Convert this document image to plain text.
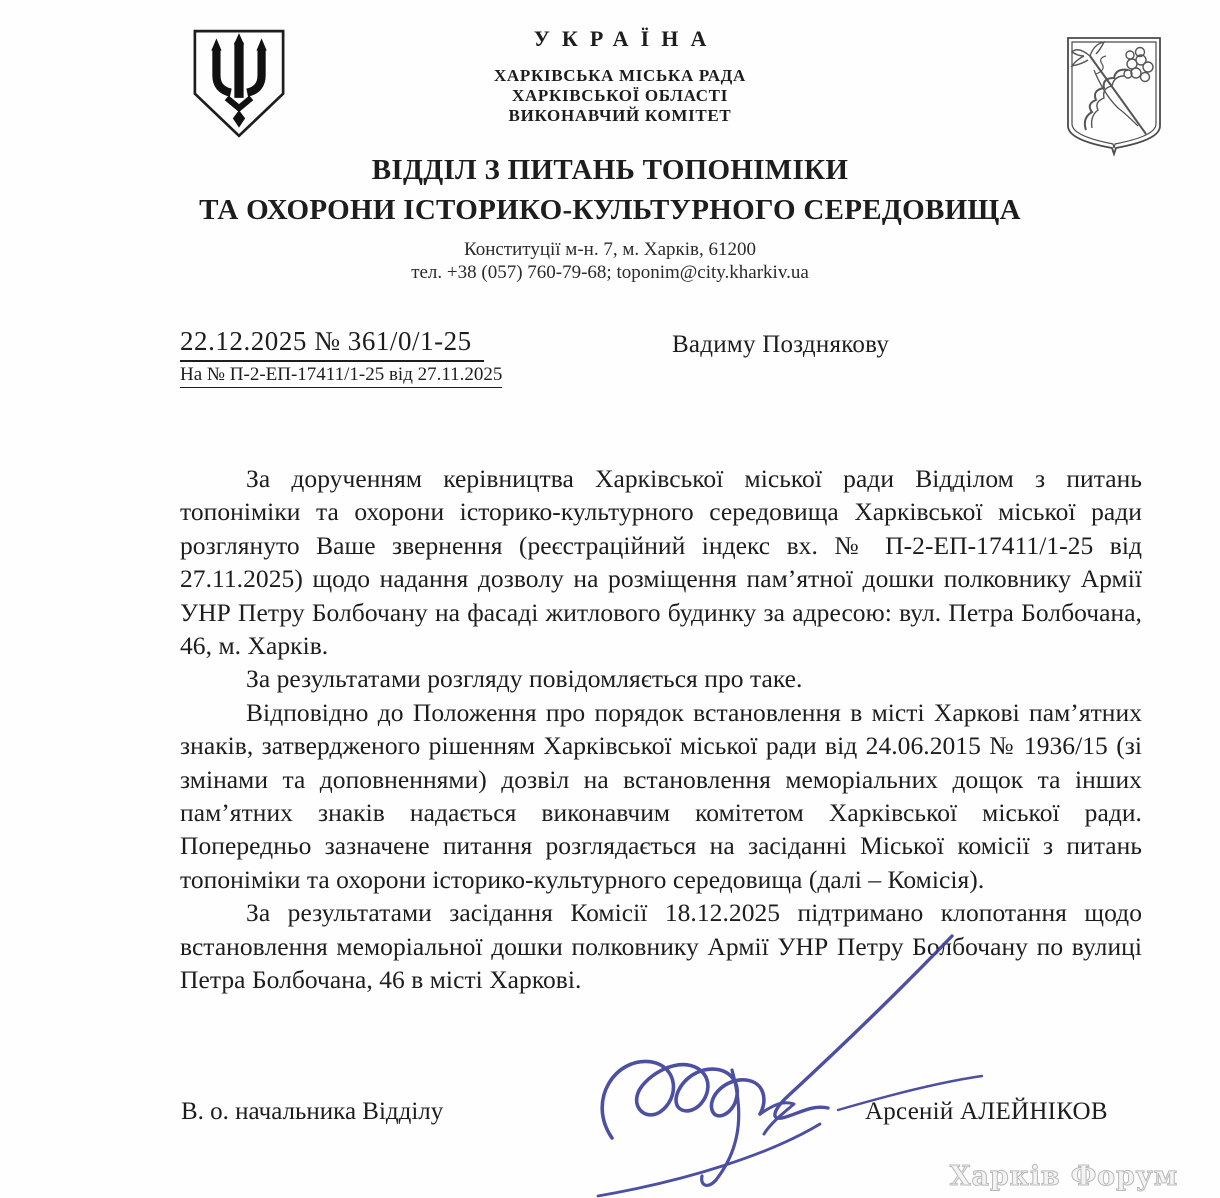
УКРАЇНА
ХАРКІВСЬКА МІСЬКА РАДА
ХАРКІВСЬКОЇ ОБЛАСТІ
ВИКОНАВЧИЙ КОМІТЕТ
ВІДДІЛ З ПИТАНЬ ТОПОНІМІКИ
ТА ОХОРОНИ ІСТОРИКО-КУЛЬТУРНОГО СЕРЕДОВИЩА
Конституції м-н. 7, м. Харків, 61200
тел. +38 (057) 760-79-68; toponim@city.kharkiv.ua
22.12.2025 № 361/0/1-25
На № П-2-ЕП-17411/1-25 від 27.11.2025
Вадиму Позднякову

За дорученням керівництва Харківської міської ради Відділом з питань топоніміки та охорони історико-культурного середовища Харківської міської ради розглянуто Ваше звернення (реєстраційний індекс вх. № П-2-ЕП-17411/1-25 від 27.11.2025) щодо надання дозволу на розміщення пам’ятної дошки полковнику Армії УНР Петру Болбочану на фасаді житлового будинку за адресою: вул. Петра Болбочана, 46, м. Харків.

За результатами розгляду повідомляється про таке.

Відповідно до Положення про порядок встановлення в місті Харкові пам’ятних знаків, затвердженого рішенням Харківської міської ради від 24.06.2015 № 1936/15 (зі змінами та доповненнями) дозвіл на встановлення меморіальних дощок та інших пам’ятних знаків надається виконавчим комітетом Харківської міської ради. Попередньо зазначене питання розглядається на засіданні Міської комісії з питань топоніміки та охорони історико-культурного середовища (далі – Комісія).

За результатами засідання Комісії 18.12.2025 підтримано клопотання щодо встановлення меморіальної дошки полковнику Армії УНР Петру Болбочану по вулиці Петра Болбочана, 46 в місті Харкові.

В. о. начальника Відділу	Арсеній АЛЕЙНІКОВ
Харків Форум
